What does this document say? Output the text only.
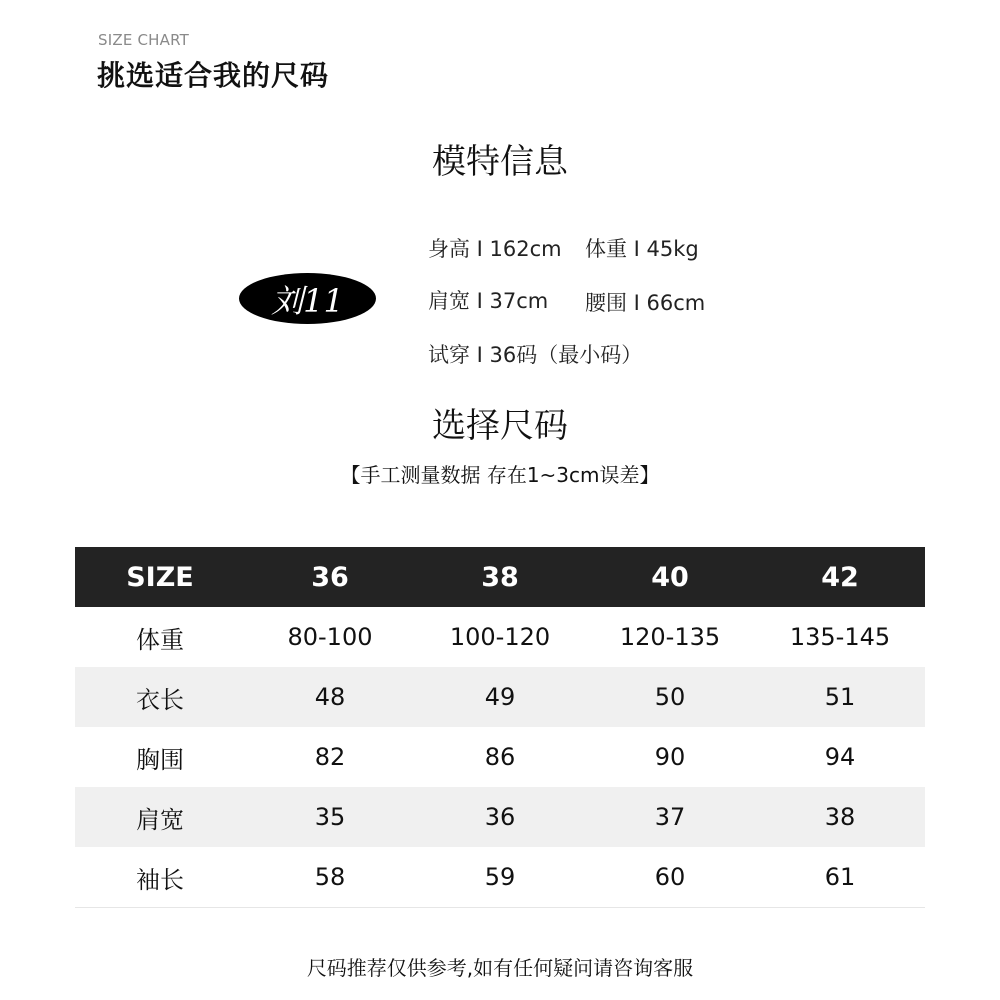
SIZE CHART
挑选适合我的尺码
模特信息
刘11
身高 I 162cm 体重 I 45kg
肩宽 I 37cm 腰围 I 66cm
试穿 I 36码（最小码）
选择尺码
【手工测量数据 存在1~3cm误差】
SIZE	36	38	40	42
体重	80-100	100-120	120-135	135-145
衣长	48	49	50	51
胸围	82	86	90	94
肩宽	35	36	37	38
袖长	58	59	60	61
尺码推荐仅供参考,如有任何疑问请咨询客服
